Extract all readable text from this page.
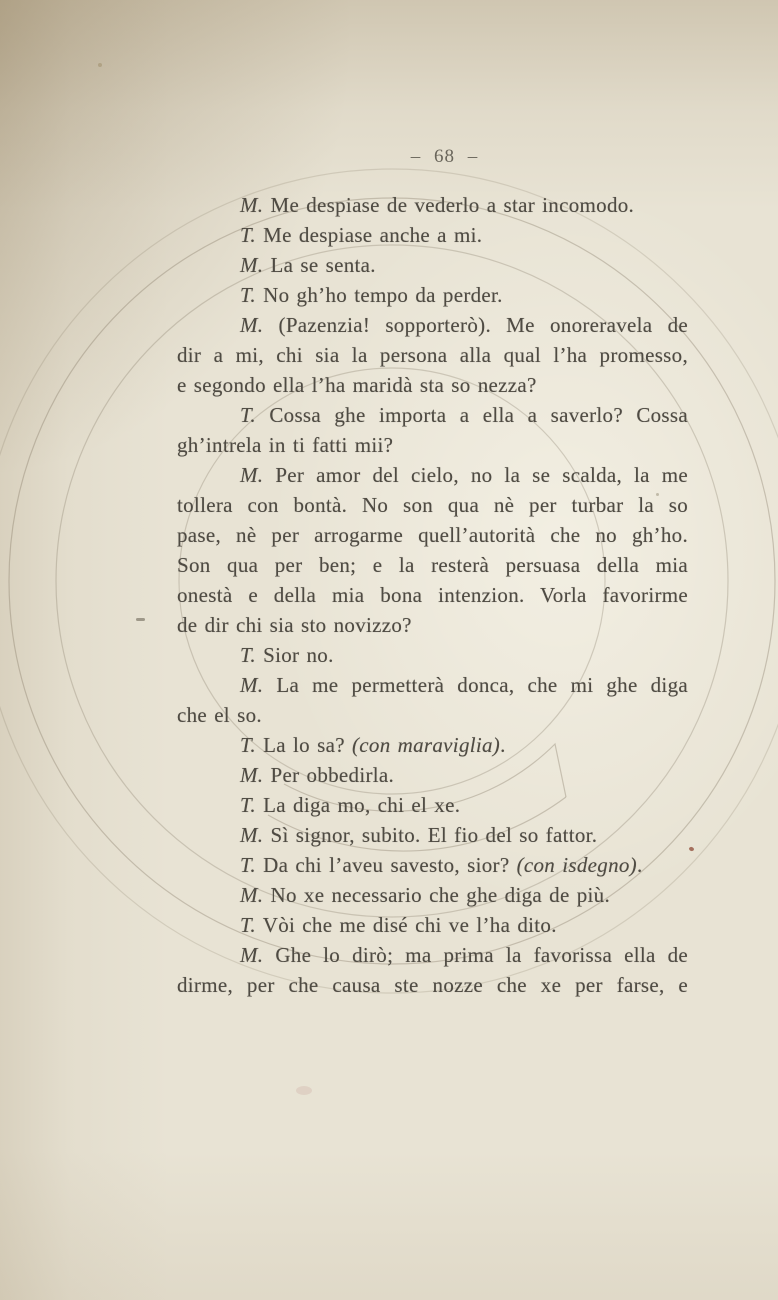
– 68 –
M. Me despiase de vederlo a star incomodo.
T. Me despiase anche a mi.
M. La se senta.
T. No gh’ho tempo da perder.
M. (Pazenzia! sopporterò). Me onoreravela de
dir a mi, chi sia la persona alla qual l’ha promesso,
e segondo ella l’ha maridà sta so nezza?
T. Cossa ghe importa a ella a saverlo? Cossa
gh’intrela in ti fatti mii?
M. Per amor del cielo, no la se scalda, la me
tollera con bontà. No son qua nè per turbar la so
pase, nè per arrogarme quell’autorità che no gh’ho.
Son qua per ben; e la resterà persuasa della mia
onestà e della mia bona intenzion. Vorla favorirme
de dir chi sia sto novizzo?
T. Sior no.
M. La me permetterà donca, che mi ghe diga
che el so.
T. La lo sa? (con maraviglia).
M. Per obbedirla.
T. La diga mo, chi el xe.
M. Sì signor, subito. El fio del so fattor.
T. Da chi l’aveu savesto, sior? (con isdegno).
M. No xe necessario che ghe diga de più.
T. Vòi che me disé chi ve l’ha dito.
M. Ghe lo dirò; ma prima la favorissa ella de
dirme, per che causa ste nozze che xe per farse, e
